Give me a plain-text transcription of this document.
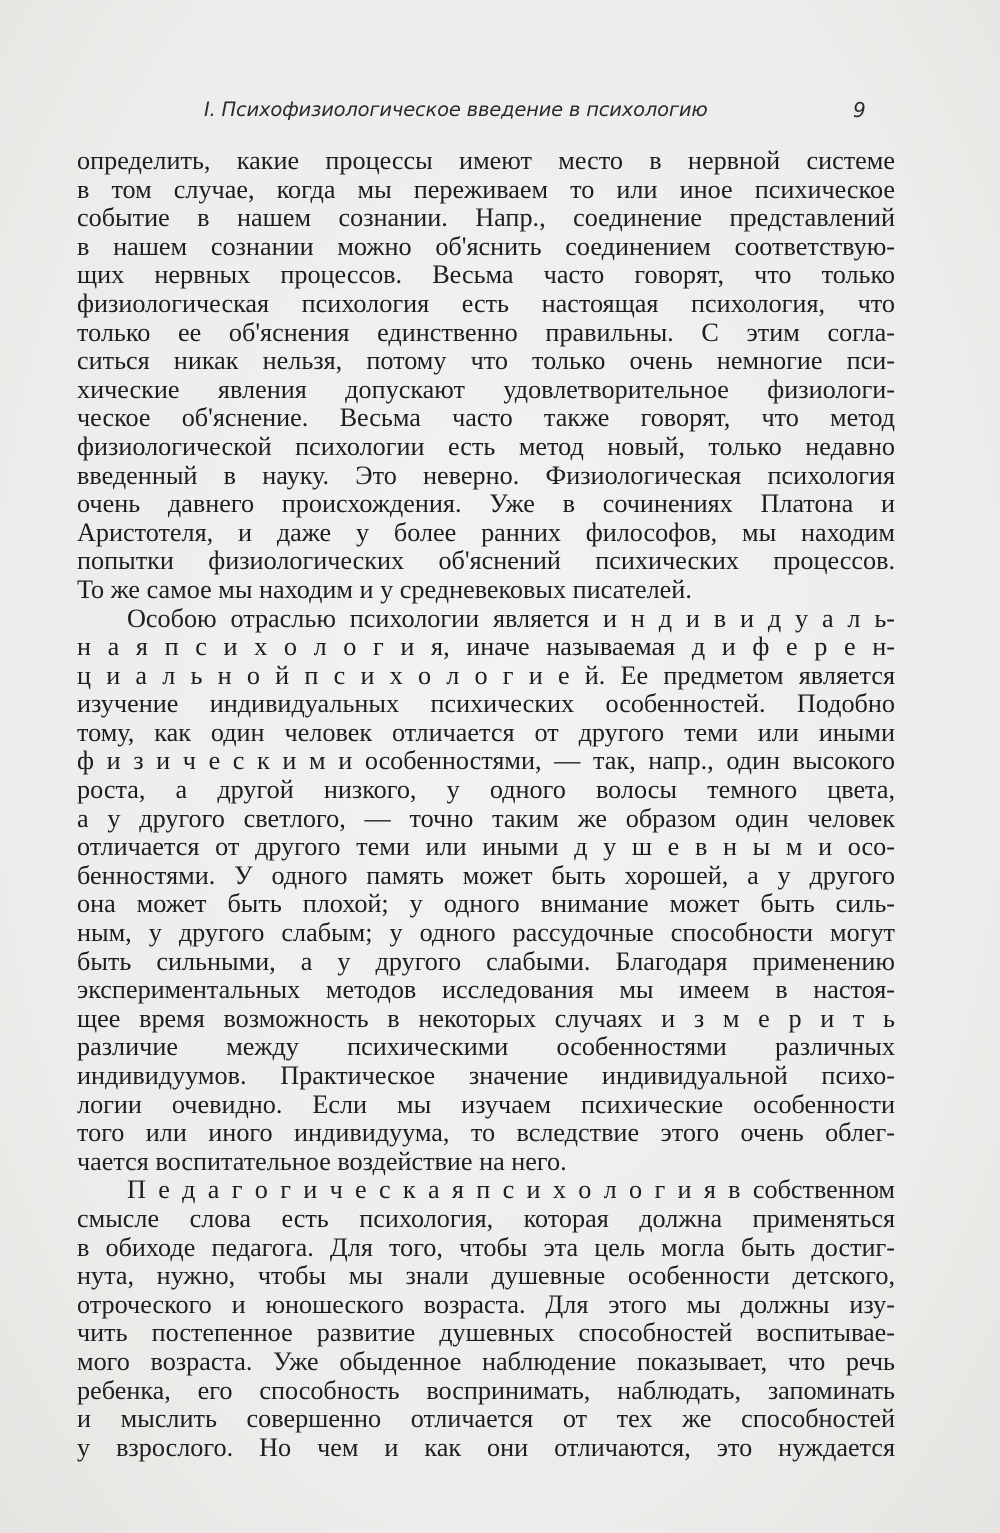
I. Психофизиологическое введение в психологию	9
определить, какие процессы имеют место в нервной системе
в том случае, когда мы переживаем то или иное психическое
событие в нашем сознании. Напр., соединение представлений
в нашем сознании можно об'яснить соединением соответствую-
щих нервных процессов. Весьма часто говорят, что только
физиологическая психология есть настоящая психология, что
только ее об'яснения единственно правильны. С этим согла-
ситься никак нельзя, потому что только очень немногие пси-
хические явления допускают удовлетворительное физиологи-
ческое об'яснение. Весьма часто также говорят, что метод
физиологической психологии есть метод новый, только недавно
введенный в науку. Это неверно. Физиологическая психология
очень давнего происхождения. Уже в сочинениях Платона и
Аристотеля, и даже у более ранних философов, мы находим
попытки физиологических об'яснений психических процессов.
То же самое мы находим и у средневековых писателей.
Особою отраслью психологии является и н д и в и д у а л ь-
н а я п с и х о л о г и я, иначе называемая д и ф е р е н-
ц и а л ь н о й п с и х о л о г и е й. Ее предметом является
изучение индивидуальных психических особенностей. Подобно
тому, как один человек отличается от другого теми или иными
ф и з и ч е с к и м и особенностями, — так, напр., один высокого
роста, а другой низкого, у одного волосы темного цвета,
а у другого светлого, — точно таким же образом один человек
отличается от другого теми или иными д у ш е в н ы м и осо-
бенностями. У одного память может быть хорошей, а у другого
она может быть плохой; у одного внимание может быть силь-
ным, у другого слабым; у одного рассудочные способности могут
быть сильными, а у другого слабыми. Благодаря применению
экспериментальных методов исследования мы имеем в настоя-
щее время возможность в некоторых случаях и з м е р и т ь
различие между психическими особенностями различных
индивидуумов. Практическое значение индивидуальной психо-
логии очевидно. Если мы изучаем психические особенности
того или иного индивидуума, то вследствие этого очень облег-
чается воспитательное воздействие на него.
П е д а г о г и ч е с к а я п с и х о л о г и я в собственном
смысле слова есть психология, которая должна применяться
в обиходе педагога. Для того, чтобы эта цель могла быть достиг-
нута, нужно, чтобы мы знали душевные особенности детского,
отроческого и юношеского возраста. Для этого мы должны изу-
чить постепенное развитие душевных способностей воспитывае-
мого возраста. Уже обыденное наблюдение показывает, что речь
ребенка, его способность воспринимать, наблюдать, запоминать
и мыслить совершенно отличается от тех же способностей
у взрослого. Но чем и как они отличаются, это нуждается
